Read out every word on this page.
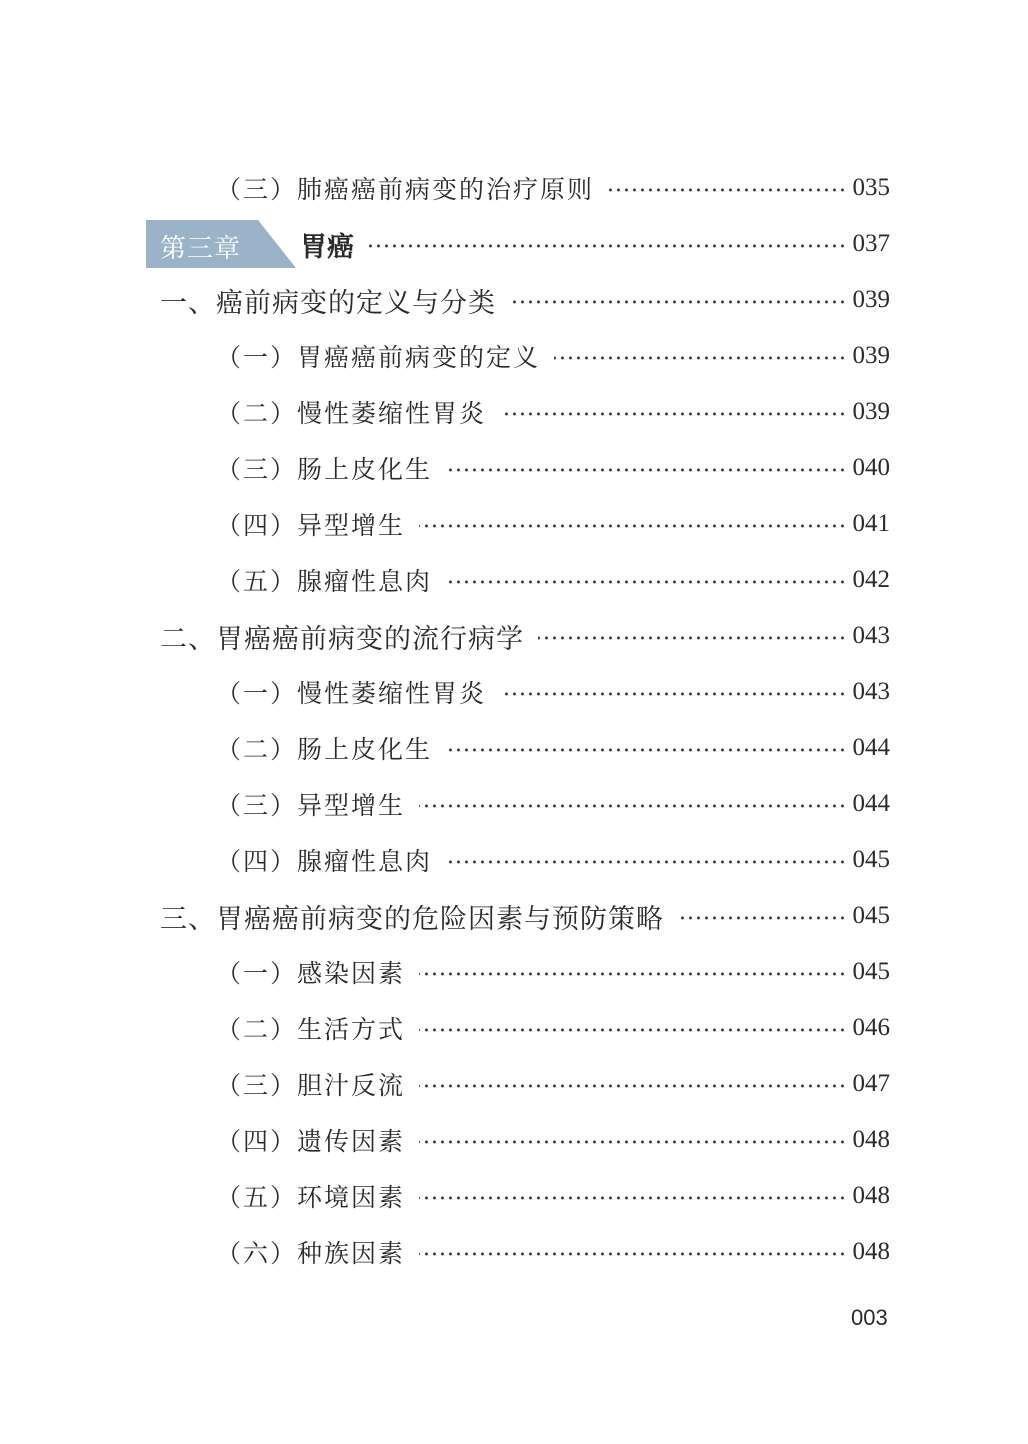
（三）肺癌癌前病变的治疗原则	035
第三章 胃癌	037
一、癌前病变的定义与分类	039
（一）胃癌癌前病变的定义	039
（二）慢性萎缩性胃炎	039
（三）肠上皮化生	040
（四）异型增生	041
（五）腺瘤性息肉	042
二、胃癌癌前病变的流行病学	043
（一）慢性萎缩性胃炎	043
（二）肠上皮化生	044
（三）异型增生	044
（四）腺瘤性息肉	045
三、胃癌癌前病变的危险因素与预防策略	045
（一）感染因素	045
（二）生活方式	046
（三）胆汁反流	047
（四）遗传因素	048
（五）环境因素	048
（六）种族因素	048
003
